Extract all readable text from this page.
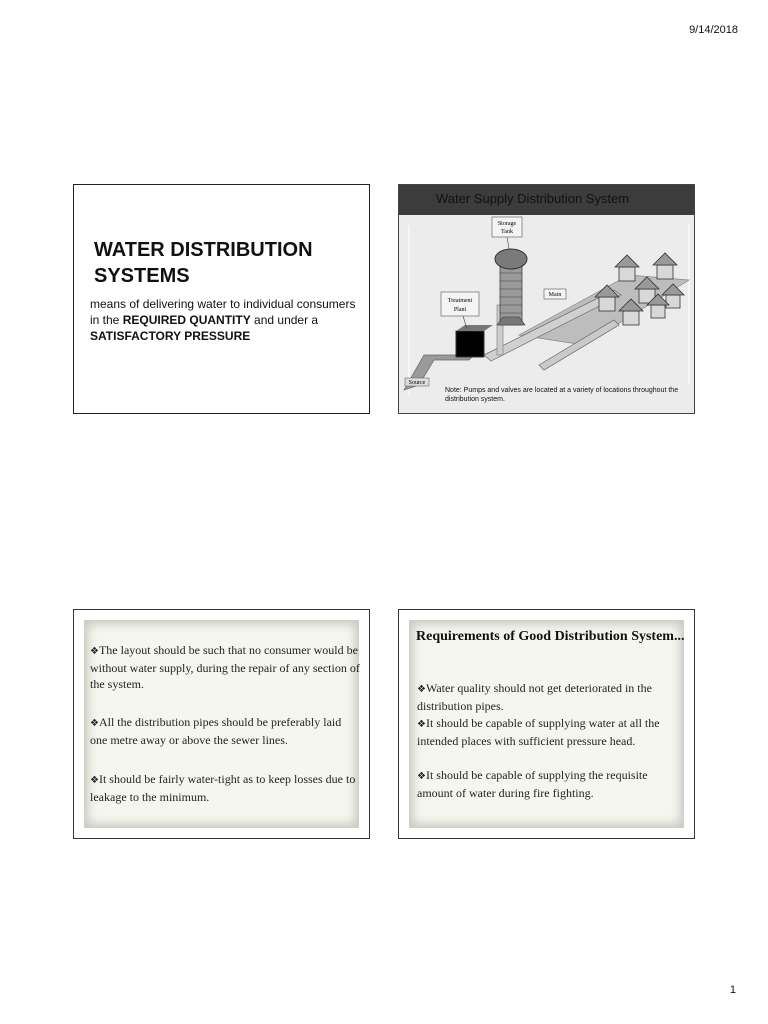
9/14/2018
WATER DISTRIBUTION SYSTEMS
means of delivering water to individual consumers in the REQUIRED QUANTITY and under a SATISFACTORY PRESSURE
Storage
Tank
Treatment
Plant
Main
Source
Water Supply Distribution System
Note: Pumps and valves are located at a variety of locations throughout the distribution system.
❖The layout should be such that no consumer would be without water supply, during the repair of any section of the system.
❖All the distribution pipes should be preferably laid one metre away or above the sewer lines.
❖It should be fairly water-tight as to keep losses due to leakage to the minimum.
Requirements of Good Distribution System...
❖Water quality should not get deteriorated in the distribution pipes.
❖It should be capable of supplying water at all the intended places with sufficient pressure head.
❖It should be capable of supplying the requisite amount of water during fire fighting.
1
